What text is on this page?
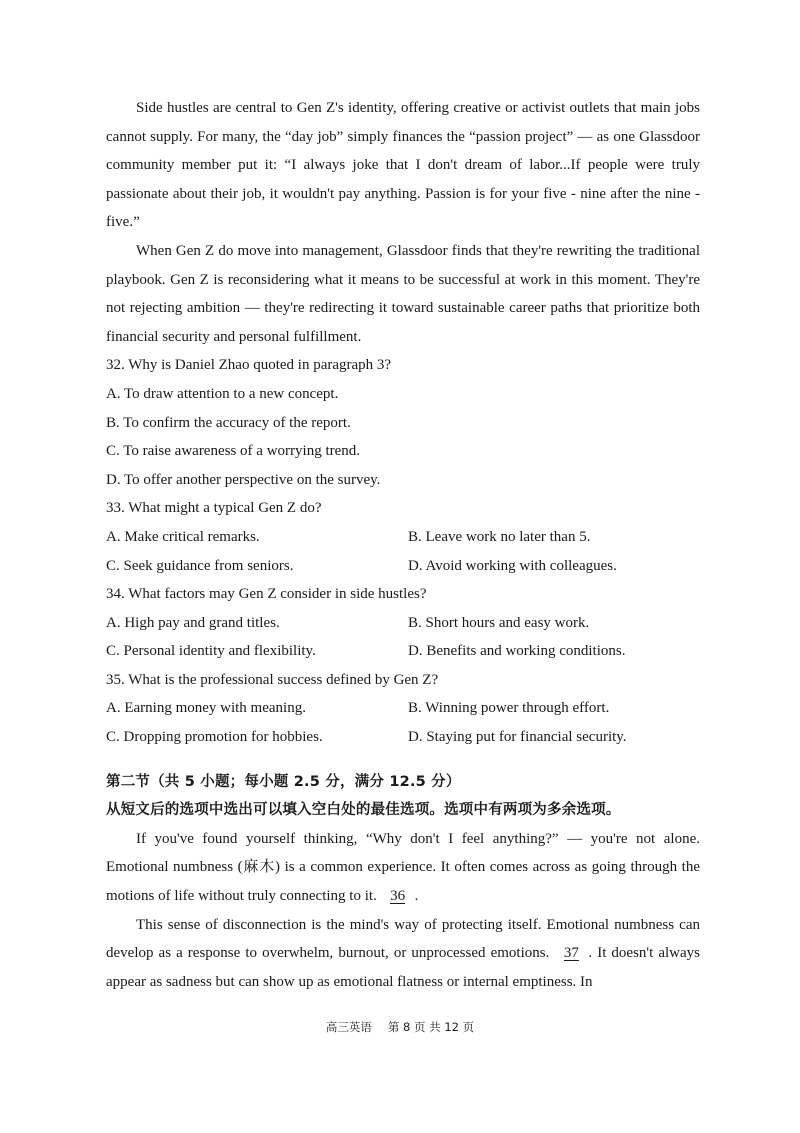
Side hustles are central to Gen Z's identity, offering creative or activist outlets that main jobs cannot supply. For many, the “day job” simply finances the “passion project” — as one Glassdoor community member put it: “I always joke that I don't dream of labor...If people were truly passionate about their job, it wouldn't pay anything. Passion is for your five - nine after the nine - five.”

When Gen Z do move into management, Glassdoor finds that they're rewriting the traditional playbook. Gen Z is reconsidering what it means to be successful at work in this moment. They're not rejecting ambition — they're redirecting it toward sustainable career paths that prioritize both financial security and personal fulfillment.

32. Why is Daniel Zhao quoted in paragraph 3?

A. To draw attention to a new concept.

B. To confirm the accuracy of the report.

C. To raise awareness of a worrying trend.

D. To offer another perspective on the survey.

33. What might a typical Gen Z do?

A. Make critical remarks.	B. Leave work no later than 5.
C. Seek guidance from seniors.	D. Avoid working with colleagues.

34. What factors may Gen Z consider in side hustles?

A. High pay and grand titles.	B. Short hours and easy work.
C. Personal identity and flexibility.	D. Benefits and working conditions.

35. What is the professional success defined by Gen Z?

A. Earning money with meaning.	B. Winning power through effort.
C. Dropping promotion for hobbies.	D. Staying put for financial security.

第二节（共 5 小题；每小题 2.5 分，满分 12.5 分）

从短文后的选项中选出可以填入空白处的最佳选项。选项中有两项为多余选项。

If you've found yourself thinking, “Why don't I feel anything?” — you're not alone. Emotional numbness (麻木) is a common experience. It often comes across as going through the motions of life without truly connecting to it. 36 .

This sense of disconnection is the mind's way of protecting itself. Emotional numbness can develop as a response to overwhelm, burnout, or unprocessed emotions. 37 . It doesn't always appear as sadness but can show up as emotional flatness or internal emptiness. In

高三英语 第 8 页 共 12 页
